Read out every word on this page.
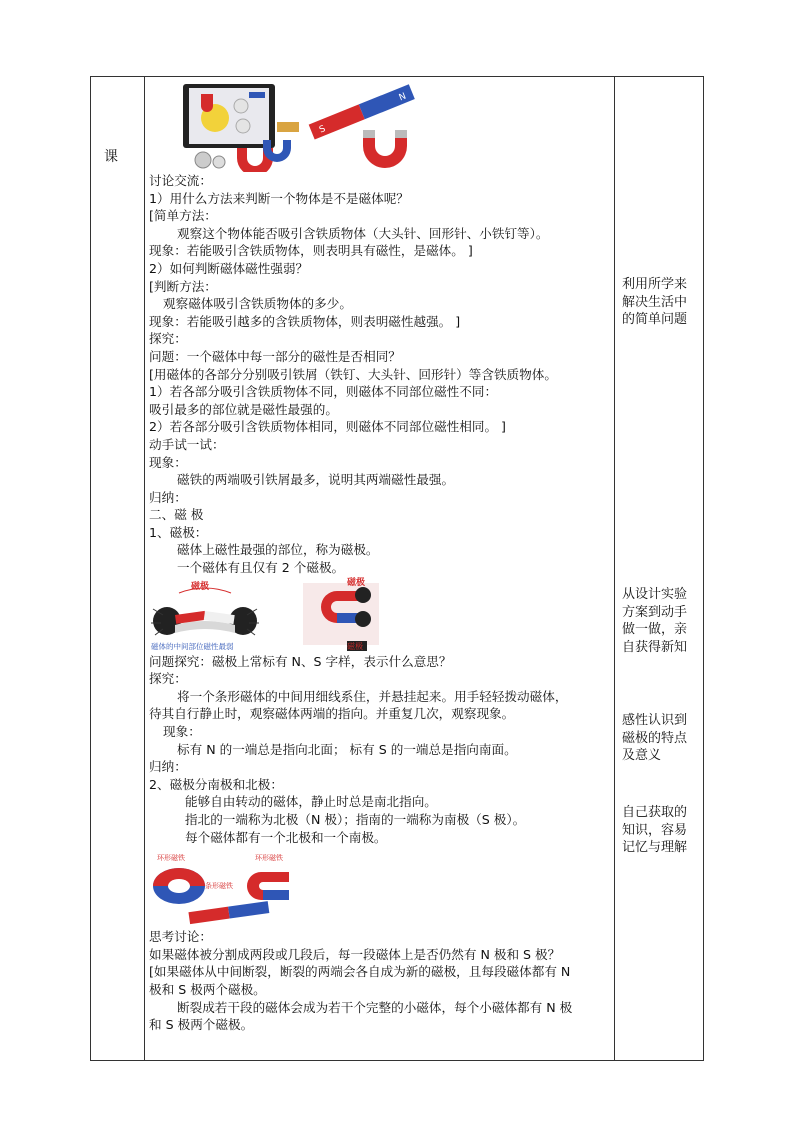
课
S
N

讨论交流：

1）用什么方法来判断一个物体是不是磁体呢？

[简单方法：

观察这个物体能否吸引含铁质物体（大头针、回形针、小铁钉等）。

现象：若能吸引含铁质物体，则表明具有磁性，是磁体。 ]

2）如何判断磁体磁性强弱？

[判断方法：

观察磁体吸引含铁质物体的多少。

现象：若能吸引越多的含铁质物体，则表明磁性越强。 ]

探究：

问题：一个磁体中每一部分的磁性是否相同？

[用磁体的各部分分别吸引铁屑（铁钉、大头针、回形针）等含铁质物体。

1）若各部分吸引含铁质物体不同，则磁体不同部位磁性不同：

吸引最多的部位就是磁性最强的。

2）若各部分吸引含铁质物体相同，则磁体不同部位磁性相同。 ]

动手试一试：

现象：

磁铁的两端吸引铁屑最多，说明其两端磁性最强。

归纳：

二、磁 极

1、磁极：

磁体上磁性最强的部位，称为磁极。

一个磁体有且仅有 2 个磁极。

磁极
磁体的中间部位磁性最弱
磁极
磁极

问题探究：磁极上常标有 N、S 字样，表示什么意思？

探究：

将一个条形磁体的中间用细线系住，并悬挂起来。用手轻轻拨动磁体，

待其自行静止时，观察磁体两端的指向。并重复几次，观察现象。

现象：

标有 N 的一端总是指向北面； 标有 S 的一端总是指向南面。

归纳：

2、磁极分南极和北极：

能够自由转动的磁体，静止时总是南北指向。

指北的一端称为北极（N 极）；指南的一端称为南极（S 极）。

每个磁体都有一个北极和一个南极。

环形磁铁	环形磁铁
条形磁铁

思考讨论：

如果磁体被分割成两段或几段后，每一段磁体上是否仍然有 N 极和 S 极？

[如果磁体从中间断裂，断裂的两端会各自成为新的磁极，且每段磁体都有 N

极和 S 极两个磁极。

断裂成若干段的磁体会成为若干个完整的小磁体，每个小磁体都有 N 极

和 S 极两个磁极。

利用所学来

解决生活中

的简单问题

从设计实验

方案到动手

做一做，亲

自获得新知

感性认识到

磁极的特点

及意义

自己获取的

知识，容易

记忆与理解
